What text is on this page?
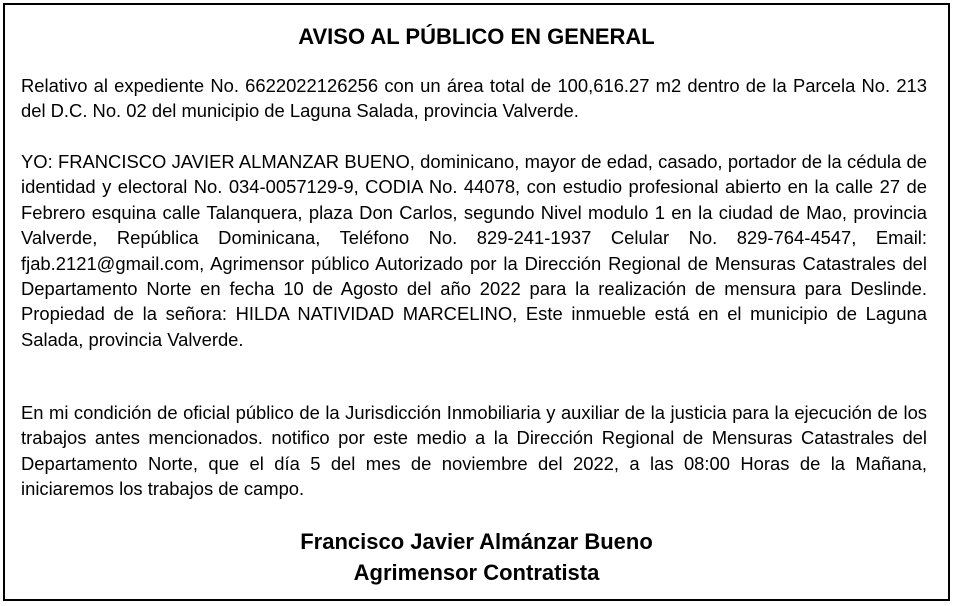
AVISO AL PÚBLICO EN GENERAL

Relativo al expediente No. 6622022126256 con un área total de 100,616.27 m2 dentro de la Parcela No. 213 del D.C. No. 02 del municipio de Laguna Salada, provincia Valverde.

YO: FRANCISCO JAVIER ALMANZAR BUENO, dominicano, mayor de edad, casado, portador de la cédula de identidad y electoral No. 034-0057129-9, CODIA No. 44078, con estudio profesional abierto en la calle 27 de Febrero esquina calle Talanquera, plaza Don Carlos, segundo Nivel modulo 1 en la ciudad de Mao, provincia Valverde, República Dominicana, Teléfono No. 829-241-1937 Celular No. 829-764-4547, Email: fjab.2121@gmail.com, Agrimensor público Autorizado por la Dirección Regional de Mensuras Catastrales del Departamento Norte en fecha 10 de Agosto del año 2022 para la realización de mensura para Deslinde. Propiedad de la señora: HILDA NATIVIDAD MARCELINO, Este inmueble está en el municipio de Laguna Salada, provincia Valverde.

En mi condición de oficial público de la Jurisdicción Inmobiliaria y auxiliar de la justicia para la ejecución de los trabajos antes mencionados. notifico por este medio a la Dirección Regional de Mensuras Catastrales del Departamento Norte, que el día 5 del mes de noviembre del 2022, a las 08:00 Horas de la Mañana, iniciaremos los trabajos de campo.

Francisco Javier Almánzar Bueno
Agrimensor Contratista
